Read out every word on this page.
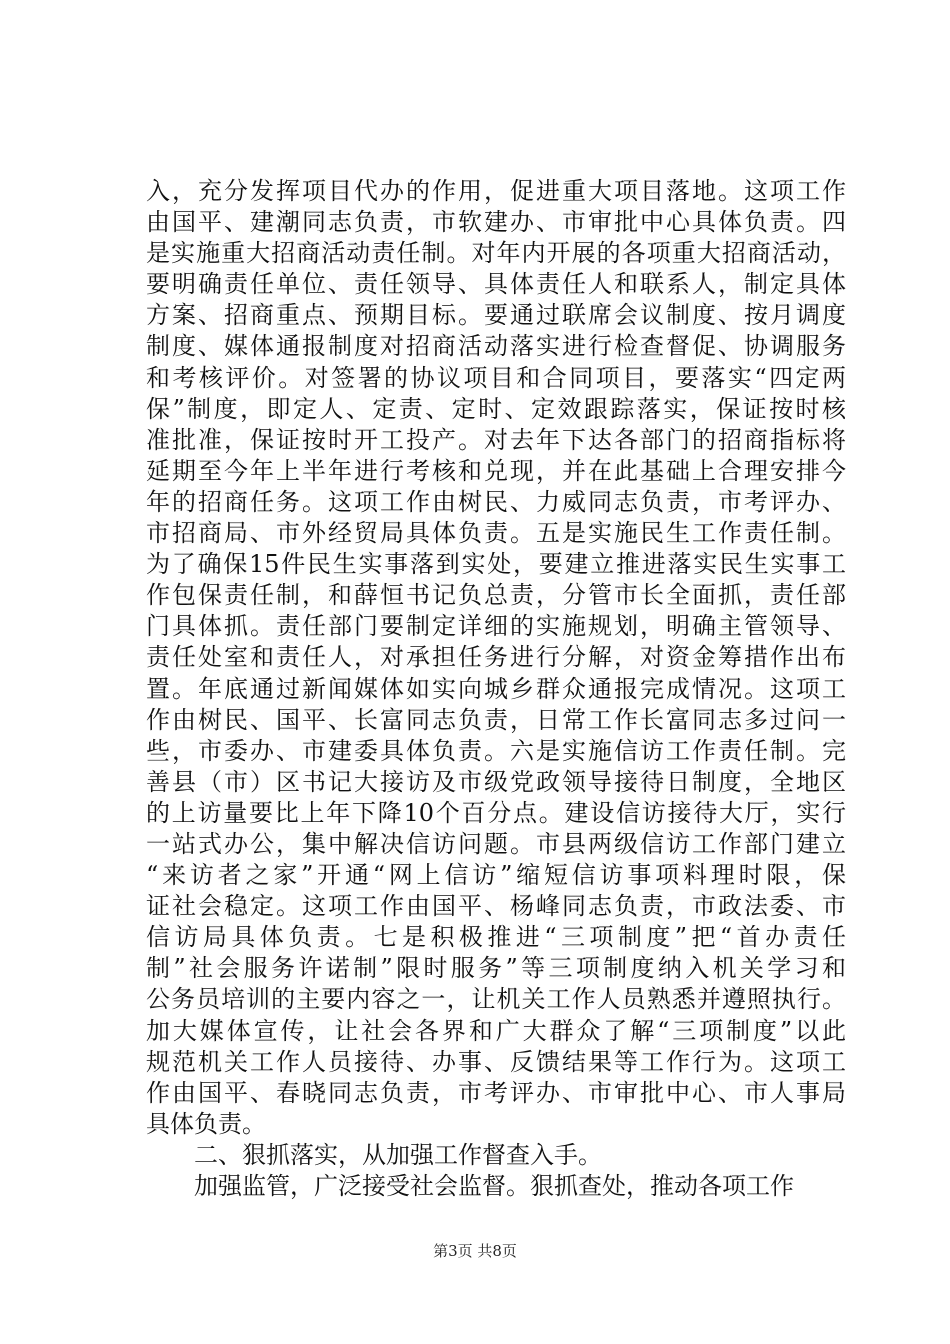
入，充分发挥项目代办的作用，促进重大项目落地。这项工作
由国平、建潮同志负责，市软建办、市审批中心具体负责。四
是实施重大招商活动责任制。对年内开展的各项重大招商活动，
要明确责任单位、责任领导、具体责任人和联系人，制定具体
方案、招商重点、预期目标。要通过联席会议制度、按月调度
制度、媒体通报制度对招商活动落实进行检查督促、协调服务
和考核评价。对签署的协议项目和合同项目，要落实“四定两
保”制度，即定人、定责、定时、定效跟踪落实，保证按时核
准批准，保证按时开工投产。对去年下达各部门的招商指标将
延期至今年上半年进行考核和兑现，并在此基础上合理安排今
年的招商任务。这项工作由树民、力威同志负责，市考评办、
市招商局、市外经贸局具体负责。五是实施民生工作责任制。
为了确保15件民生实事落到实处，要建立推进落实民生实事工
作包保责任制，和薛恒书记负总责，分管市长全面抓，责任部
门具体抓。责任部门要制定详细的实施规划，明确主管领导、
责任处室和责任人，对承担任务进行分解，对资金筹措作出布
置。年底通过新闻媒体如实向城乡群众通报完成情况。这项工
作由树民、国平、长富同志负责，日常工作长富同志多过问一
些，市委办、市建委具体负责。六是实施信访工作责任制。完
善县（市）区书记大接访及市级党政领导接待日制度，全地区
的上访量要比上年下降10个百分点。建设信访接待大厅，实行
一站式办公，集中解决信访问题。市县两级信访工作部门建立
“来访者之家”开通“网上信访”缩短信访事项料理时限，保
证社会稳定。这项工作由国平、杨峰同志负责，市政法委、市
信访局具体负责。七是积极推进“三项制度”把“首办责任
制”社会服务许诺制”限时服务”等三项制度纳入机关学习和
公务员培训的主要内容之一，让机关工作人员熟悉并遵照执行。
加大媒体宣传，让社会各界和广大群众了解“三项制度”以此
规范机关工作人员接待、办事、反馈结果等工作行为。这项工
作由国平、春晓同志负责，市考评办、市审批中心、市人事局
具体负责。
二、狠抓落实，从加强工作督查入手。
加强监管，广泛接受社会监督。狠抓查处，推动各项工作
第3页 共8页
